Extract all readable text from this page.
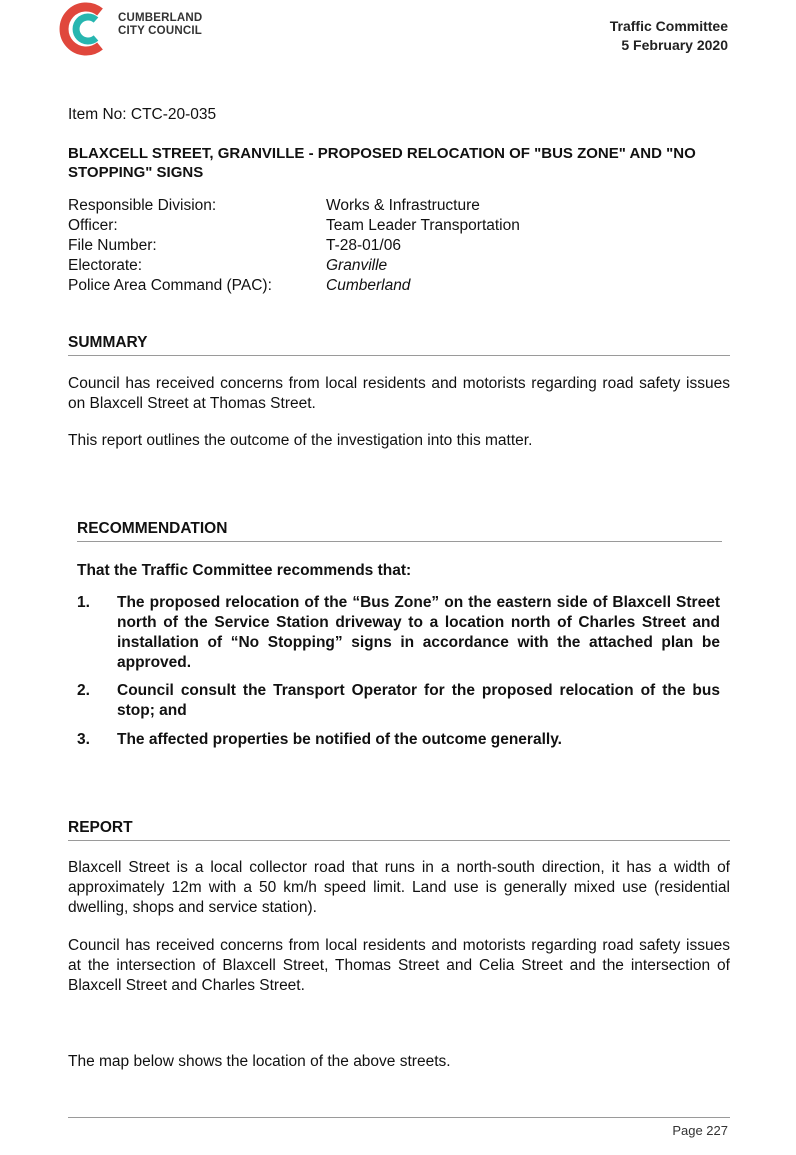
CUMBERLAND
CITY COUNCIL	Traffic Committee
5 February 2020
Item No: CTC-20-035
BLAXCELL STREET, GRANVILLE - PROPOSED RELOCATION OF "BUS ZONE" AND "NO STOPPING" SIGNS
Responsible Division:	Works & Infrastructure
Officer:	Team Leader Transportation
File Number:	T-28-01/06
Electorate:	Granville
Police Area Command (PAC):	Cumberland
SUMMARY
Council has received concerns from local residents and motorists regarding road safety issues on Blaxcell Street at Thomas Street.
This report outlines the outcome of the investigation into this matter.
RECOMMENDATION
That the Traffic Committee recommends that:
1.	The proposed relocation of the “Bus Zone” on the eastern side of Blaxcell Street north of the Service Station driveway to a location north of Charles Street and installation of “No Stopping” signs in accordance with the attached plan be approved.
2.	Council consult the Transport Operator for the proposed relocation of the bus stop; and
3.	The affected properties be notified of the outcome generally.
REPORT
Blaxcell Street is a local collector road that runs in a north-south direction, it has a width of approximately 12m with a 50 km/h speed limit. Land use is generally mixed use (residential dwelling, shops and service station).
Council has received concerns from local residents and motorists regarding road safety issues at the intersection of Blaxcell Street, Thomas Street and Celia Street and the intersection of Blaxcell Street and Charles Street.
The map below shows the location of the above streets.
Page 227
